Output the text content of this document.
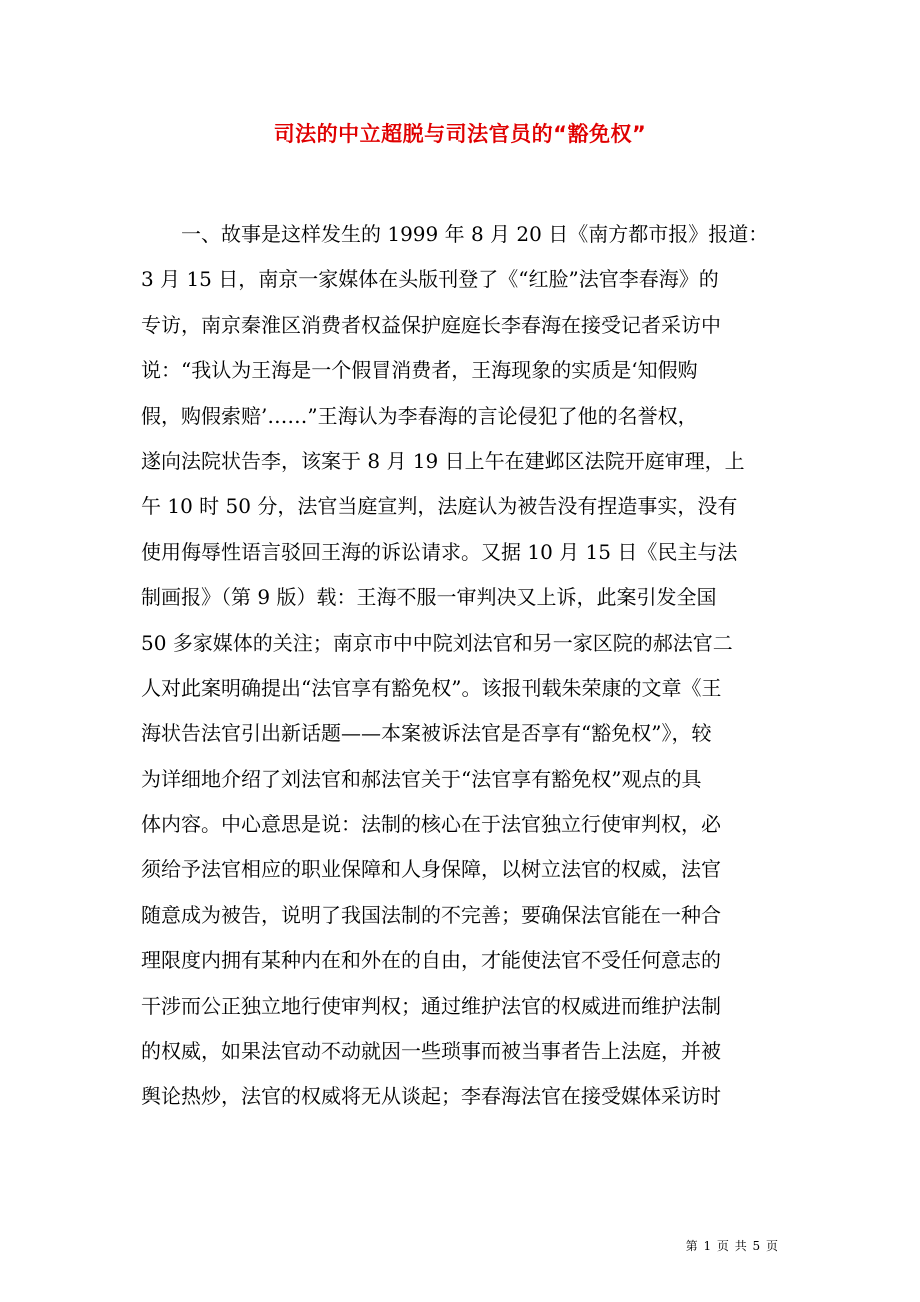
司法的中立超脱与司法官员的“豁免权”
一、故事是这样发生的 1999 年 8 月 20 日《南方都市报》报道：
3 月 15 日，南京一家媒体在头版刊登了《“红脸”法官李春海》的
专访，南京秦淮区消费者权益保护庭庭长李春海在接受记者采访中
说：“我认为王海是一个假冒消费者，王海现象的实质是‘知假购
假，购假索赔’……”王海认为李春海的言论侵犯了他的名誉权，
遂向法院状告李，该案于 8 月 19 日上午在建邺区法院开庭审理，上
午 10 时 50 分，法官当庭宣判，法庭认为被告没有捏造事实，没有
使用侮辱性语言驳回王海的诉讼请求。又据 10 月 15 日《民主与法
制画报》（第 9 版）载：王海不服一审判决又上诉，此案引发全国
50 多家媒体的关注；南京市中中院刘法官和另一家区院的郝法官二
人对此案明确提出“法官享有豁免权”。该报刊载朱荣康的文章《王
海状告法官引出新话题——本案被诉法官是否享有“豁免权”》，较
为详细地介绍了刘法官和郝法官关于“法官享有豁免权”观点的具
体内容。中心意思是说：法制的核心在于法官独立行使审判权，必
须给予法官相应的职业保障和人身保障，以树立法官的权威，法官
随意成为被告，说明了我国法制的不完善；要确保法官能在一种合
理限度内拥有某种内在和外在的自由，才能使法官不受任何意志的
干涉而公正独立地行使审判权；通过维护法官的权威进而维护法制
的权威，如果法官动不动就因一些琐事而被当事者告上法庭，并被
舆论热炒，法官的权威将无从谈起；李春海法官在接受媒体采访时
第 1 页 共 5 页
